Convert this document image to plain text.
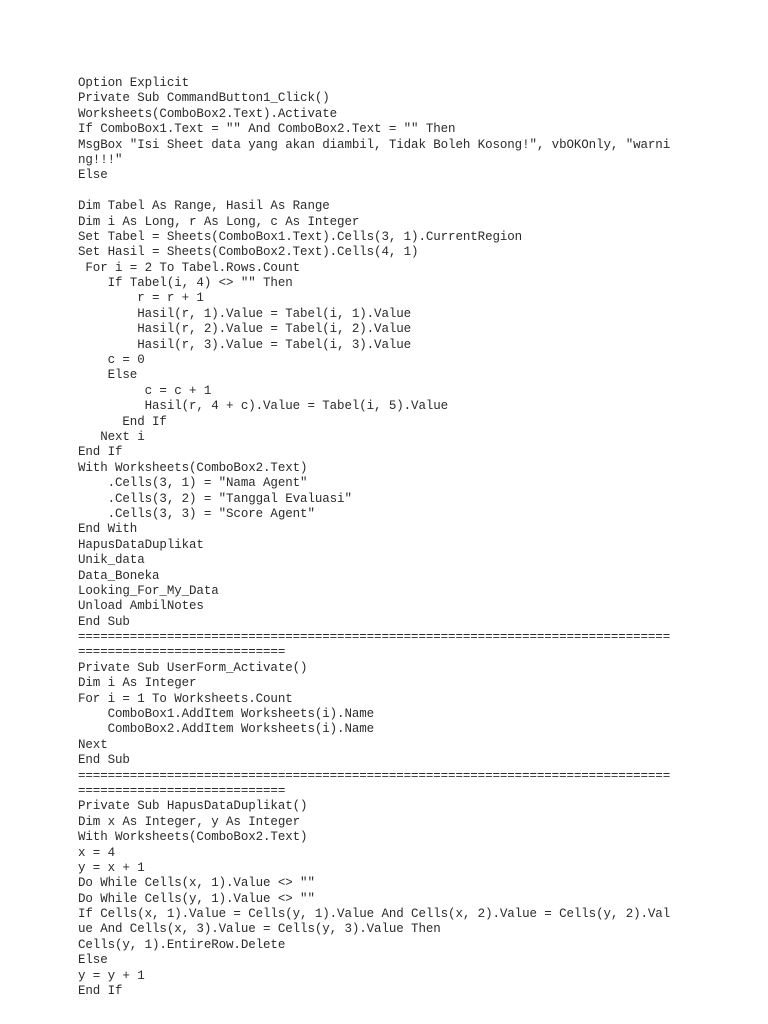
Option Explicit
Private Sub CommandButton1_Click()
Worksheets(ComboBox2.Text).Activate
If ComboBox1.Text = "" And ComboBox2.Text = "" Then
MsgBox "Isi Sheet data yang akan diambil, Tidak Boleh Kosong!", vbOKOnly, "warni
ng!!!"
Else
Dim Tabel As Range, Hasil As Range
Dim i As Long, r As Long, c As Integer
Set Tabel = Sheets(ComboBox1.Text).Cells(3, 1).CurrentRegion
Set Hasil = Sheets(ComboBox2.Text).Cells(4, 1)
For i = 2 To Tabel.Rows.Count
If Tabel(i, 4) <> "" Then
r = r + 1
Hasil(r, 1).Value = Tabel(i, 1).Value
Hasil(r, 2).Value = Tabel(i, 2).Value
Hasil(r, 3).Value = Tabel(i, 3).Value
c = 0
Else
c = c + 1
Hasil(r, 4 + c).Value = Tabel(i, 5).Value
End If
Next i
End If
With Worksheets(ComboBox2.Text)
.Cells(3, 1) = "Nama Agent"
.Cells(3, 2) = "Tanggal Evaluasi"
.Cells(3, 3) = "Score Agent"
End With
HapusDataDuplikat
Unik_data
Data_Boneka
Looking_For_My_Data
Unload AmbilNotes
End Sub
================================================================================
============================
Private Sub UserForm_Activate()
Dim i As Integer
For i = 1 To Worksheets.Count
ComboBox1.AddItem Worksheets(i).Name
ComboBox2.AddItem Worksheets(i).Name
Next
End Sub
================================================================================
============================
Private Sub HapusDataDuplikat()
Dim x As Integer, y As Integer
With Worksheets(ComboBox2.Text)
x = 4
y = x + 1
Do While Cells(x, 1).Value <> ""
Do While Cells(y, 1).Value <> ""
If Cells(x, 1).Value = Cells(y, 1).Value And Cells(x, 2).Value = Cells(y, 2).Val
ue And Cells(x, 3).Value = Cells(y, 3).Value Then
Cells(y, 1).EntireRow.Delete
Else
y = y + 1
End If
